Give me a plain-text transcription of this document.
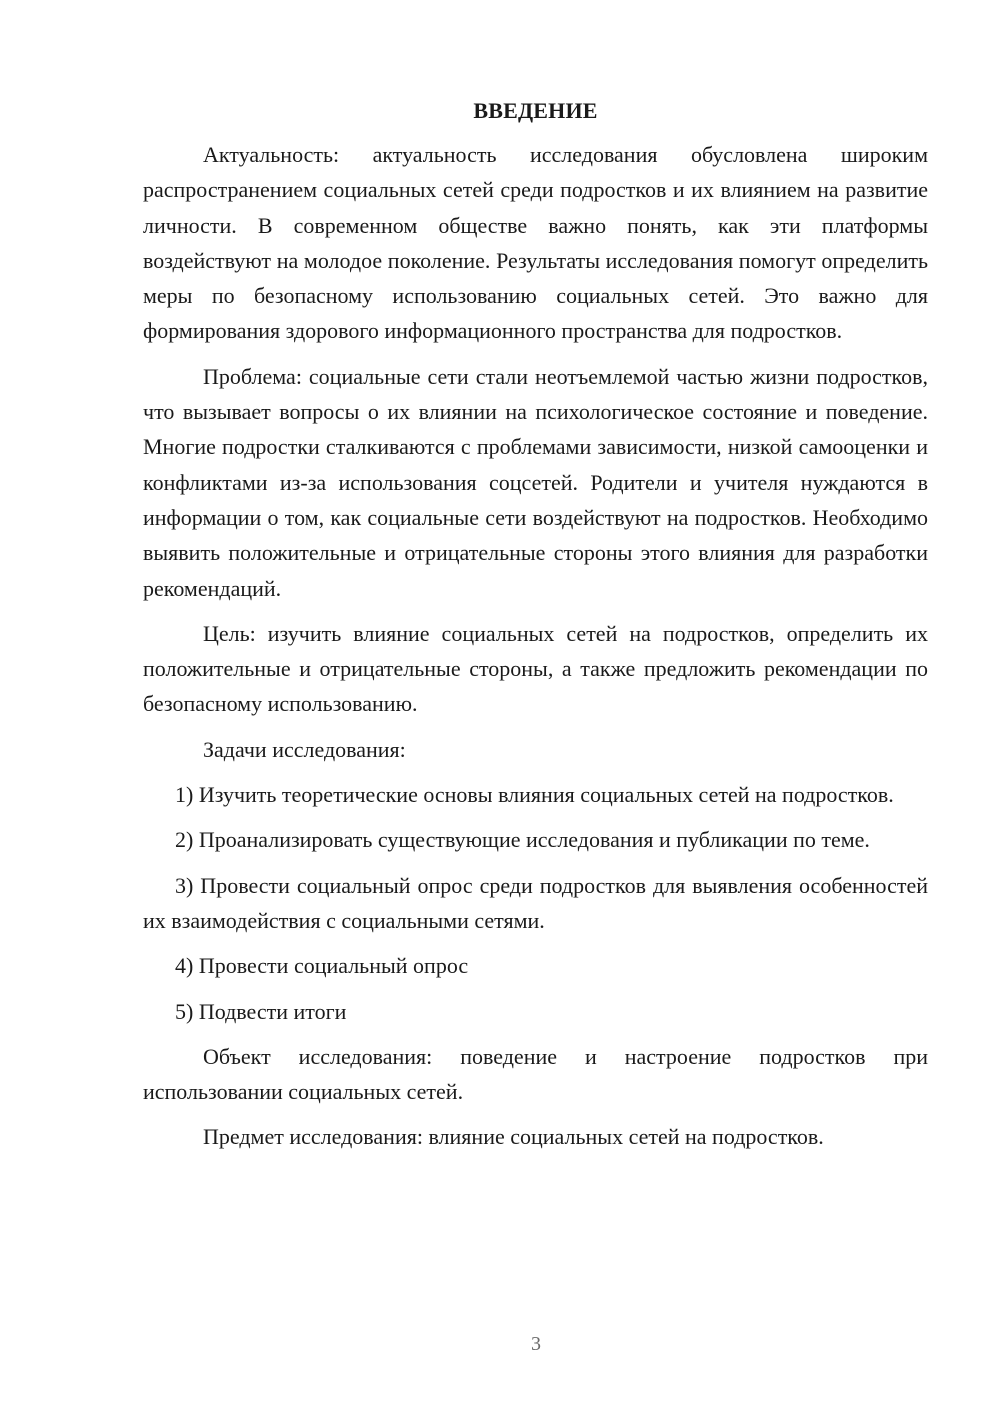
ВВЕДЕНИЕ

Актуальность: актуальность исследования обусловлена широким распространением социальных сетей среди подростков и их влиянием на развитие личности. В современном обществе важно понять, как эти платформы воздействуют на молодое поколение. Результаты исследования помогут определить меры по безопасному использованию социальных сетей. Это важно для формирования здорового информационного пространства для подростков.

Проблема: социальные сети стали неотъемлемой частью жизни подростков, что вызывает вопросы о их влиянии на психологическое состояние и поведение. Многие подростки сталкиваются с проблемами зависимости, низкой самооценки и конфликтами из-за использования соцсетей. Родители и учителя нуждаются в информации о том, как социальные сети воздействуют на подростков. Необходимо выявить положительные и отрицательные стороны этого влияния для разработки рекомендаций.

Цель: изучить влияние социальных сетей на подростков, определить их положительные и отрицательные стороны, а также предложить рекомендации по безопасному использованию.

Задачи исследования:

1) Изучить теоретические основы влияния социальных сетей на подростков.

2) Проанализировать существующие исследования и публикации по теме.

3) Провести социальный опрос среди подростков для выявления особенностей их взаимодействия с социальными сетями.

4) Провести социальный опрос

5) Подвести итоги

Объект исследования: поведение и настроение подростков при использовании социальных сетей.

Предмет исследования: влияние социальных сетей на подростков.

3
